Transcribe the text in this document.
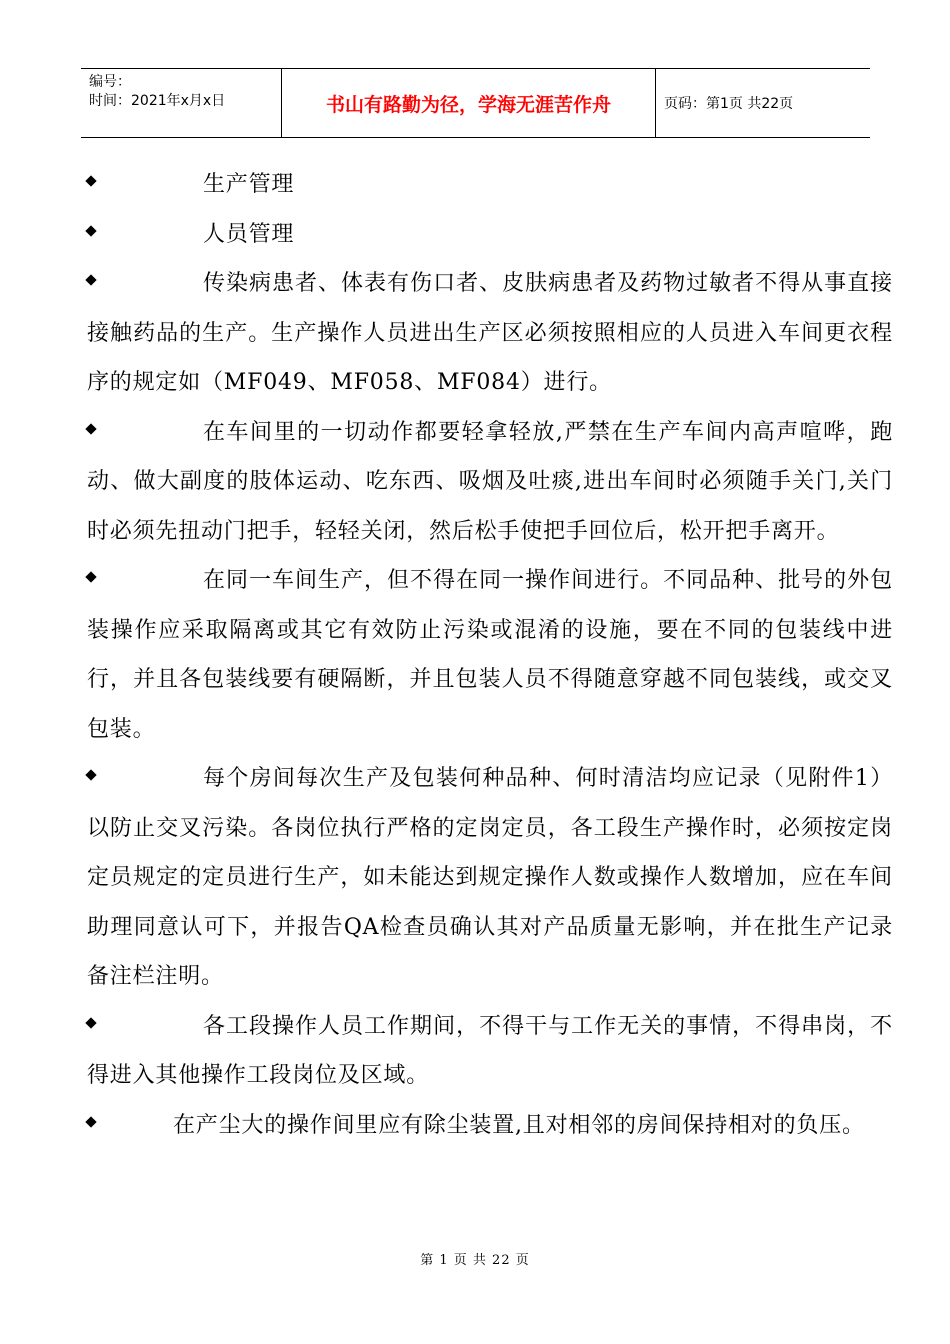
编号：
时间：2021年x月x日	书山有路勤为径，学海无涯苦作舟	页码：第1页 共22页

生产管理

人员管理

传染病患者、体表有伤口者、皮肤病患者及药物过敏者不得从事直接接触药品的生产。生产操作人员进出生产区必须按照相应的人员进入车间更衣程序的规定如（MF049、MF058、MF084）进行。

在车间里的一切动作都要轻拿轻放,严禁在生产车间内高声喧哗，跑动、做大副度的肢体运动、吃东西、吸烟及吐痰,进出车间时必须随手关门,关门时必须先扭动门把手，轻轻关闭，然后松手使把手回位后，松开把手离开。

在同一车间生产，但不得在同一操作间进行。不同品种、批号的外包装操作应采取隔离或其它有效防止污染或混淆的设施，要在不同的包装线中进行，并且各包装线要有硬隔断，并且包装人员不得随意穿越不同包装线，或交叉包装。

每个房间每次生产及包装何种品种、何时清洁均应记录（见附件1）以防止交叉污染。各岗位执行严格的定岗定员，各工段生产操作时，必须按定岗定员规定的定员进行生产，如未能达到规定操作人数或操作人数增加，应在车间助理同意认可下，并报告QA检查员确认其对产品质量无影响，并在批生产记录备注栏注明。

各工段操作人员工作期间，不得干与工作无关的事情，不得串岗，不得进入其他操作工段岗位及区域。

在产尘大的操作间里应有除尘装置,且对相邻的房间保持相对的负压。

第 1 页 共 22 页
